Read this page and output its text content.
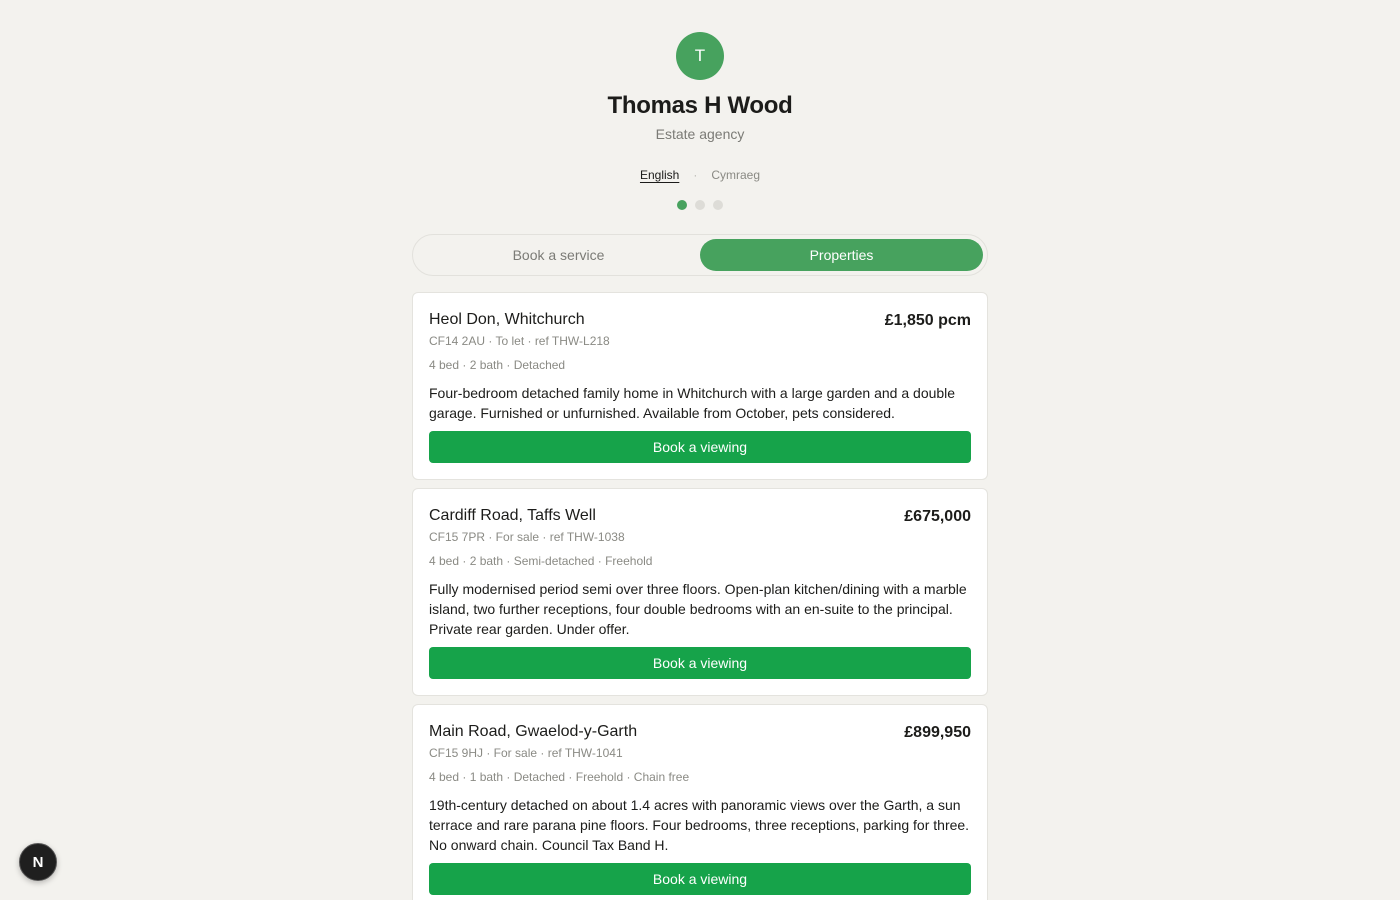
T
Thomas H Wood
Estate agency
English · Cymraeg
Book a service	Properties
Heol Don, Whitchurch	£1,850 pcm
CF14 2AU · To let · ref THW-L218
4 bed · 2 bath · Detached
Four-bedroom detached family home in Whitchurch with a large garden and a double garage. Furnished or unfurnished. Available from October, pets considered.
Book a viewing
Cardiff Road, Taffs Well	£675,000
CF15 7PR · For sale · ref THW-1038
4 bed · 2 bath · Semi-detached · Freehold
Fully modernised period semi over three floors. Open-plan kitchen/dining with a marble island, two further receptions, four double bedrooms with an en-suite to the principal. Private rear garden. Under offer.
Book a viewing
Main Road, Gwaelod-y-Garth	£899,950
CF15 9HJ · For sale · ref THW-1041
4 bed · 1 bath · Detached · Freehold · Chain free
19th-century detached on about 1.4 acres with panoramic views over the Garth, a sun terrace and rare parana pine floors. Four bedrooms, three receptions, parking for three. No onward chain. Council Tax Band H.
Book a viewing
N
